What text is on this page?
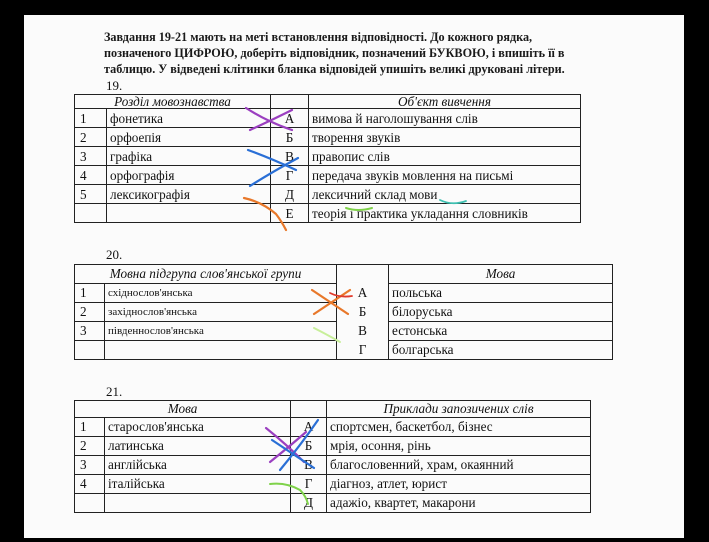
Завдання 19-21 мають на меті встановлення відповідності. До кожного рядка,
позначеного ЦИФРОЮ, доберіть відповідник, позначений БУКВОЮ, і впишіть її в
таблицю. У відведені клітинки бланка відповідей упишіть великі друковані літери.
19.
Розділ мовознавства			Об'єкт вивчення
1	фонетика	А	вимова й наголошування слів
2	орфоепія	Б	творення звуків
3	графіка	В	правопис слів
4	орфографія	Г	передача звуків мовлення на письмі
5	лексикографія	Д	лексичний склад мови
		Е	теорія і практика укладання словників
20.
Мовна підгрупа слов'янської групи			Мова
1	східнослов'янська	А	польська
2	західнослов'янська	Б	білоруська
3	південнослов'янська	В	естонська
		Г	болгарська
21.
Мова			Приклади запозичених слів
1	старослов'янська	А	спортсмен, баскетбол, бізнес
2	латинська	Б	мрія, осоння, рінь
3	англійська	В	благословенний, храм, окаянний
4	італійська	Г	діагноз, атлет, юрист
		Д	адажіо, квартет, макарони
